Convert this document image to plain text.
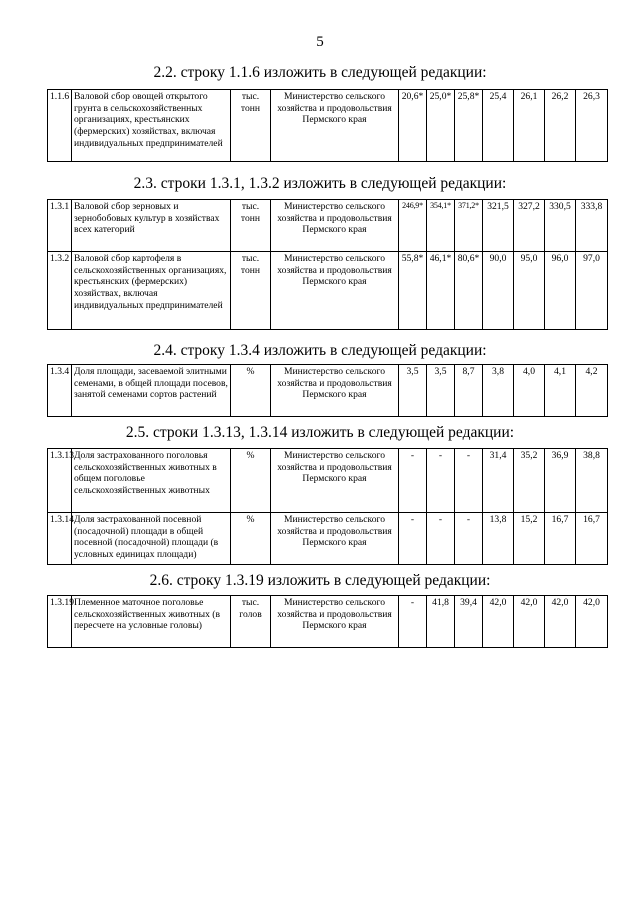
5
2.2. строку 1.1.6 изложить в следующей редакции:
1.1.6	Валовой сбор овощей открытого грунта в сельскохозяйственных организациях, крестьянских (фермерских) хозяйствах, включая индивидуальных предпринимателей	тыс. тонн	Министерство сельского хозяйства и продовольствия Пермского края	20,6*	25,0*	25,8*	25,4	26,1	26,2	26,3
2.3. строки 1.3.1, 1.3.2 изложить в следующей редакции:
1.3.1	Валовой сбор зерновых и зернобобовых культур в хозяйствах всех категорий	тыс. тонн	Министерство сельского хозяйства и продовольствия Пермского края	246,9*	354,1*	371,2*	321,5	327,2	330,5	333,8
1.3.2	Валовой сбор картофеля в сельскохозяйственных организациях, крестьянских (фермерских) хозяйствах, включая индивидуальных предпринимателей	тыс. тонн	Министерство сельского хозяйства и продовольствия Пермского края	55,8*	46,1*	80,6*	90,0	95,0	96,0	97,0
2.4. строку 1.3.4 изложить в следующей редакции:
1.3.4	Доля площади, засеваемой элитными семенами, в общей площади посевов, занятой семенами сортов растений	%	Министерство сельского хозяйства и продовольствия Пермского края	3,5	3,5	8,7	3,8	4,0	4,1	4,2
2.5. строки 1.3.13, 1.3.14 изложить в следующей редакции:
1.3.13	Доля застрахованного поголовья сельскохозяйственных животных в общем поголовье сельскохозяйственных животных	%	Министерство сельского хозяйства и продовольствия Пермского края	-	-	-	31,4	35,2	36,9	38,8
1.3.14	Доля застрахованной посевной (посадочной) площади в общей посевной (посадочной) площади (в условных единицах площади)	%	Министерство сельского хозяйства и продовольствия Пермского края	-	-	-	13,8	15,2	16,7	16,7
2.6. строку 1.3.19 изложить в следующей редакции:
1.3.19	Племенное маточное поголовье сельскохозяйственных животных (в пересчете на условные головы)	тыс. голов	Министерство сельского хозяйства и продовольствия Пермского края	-	41,8	39,4	42,0	42,0	42,0	42,0
